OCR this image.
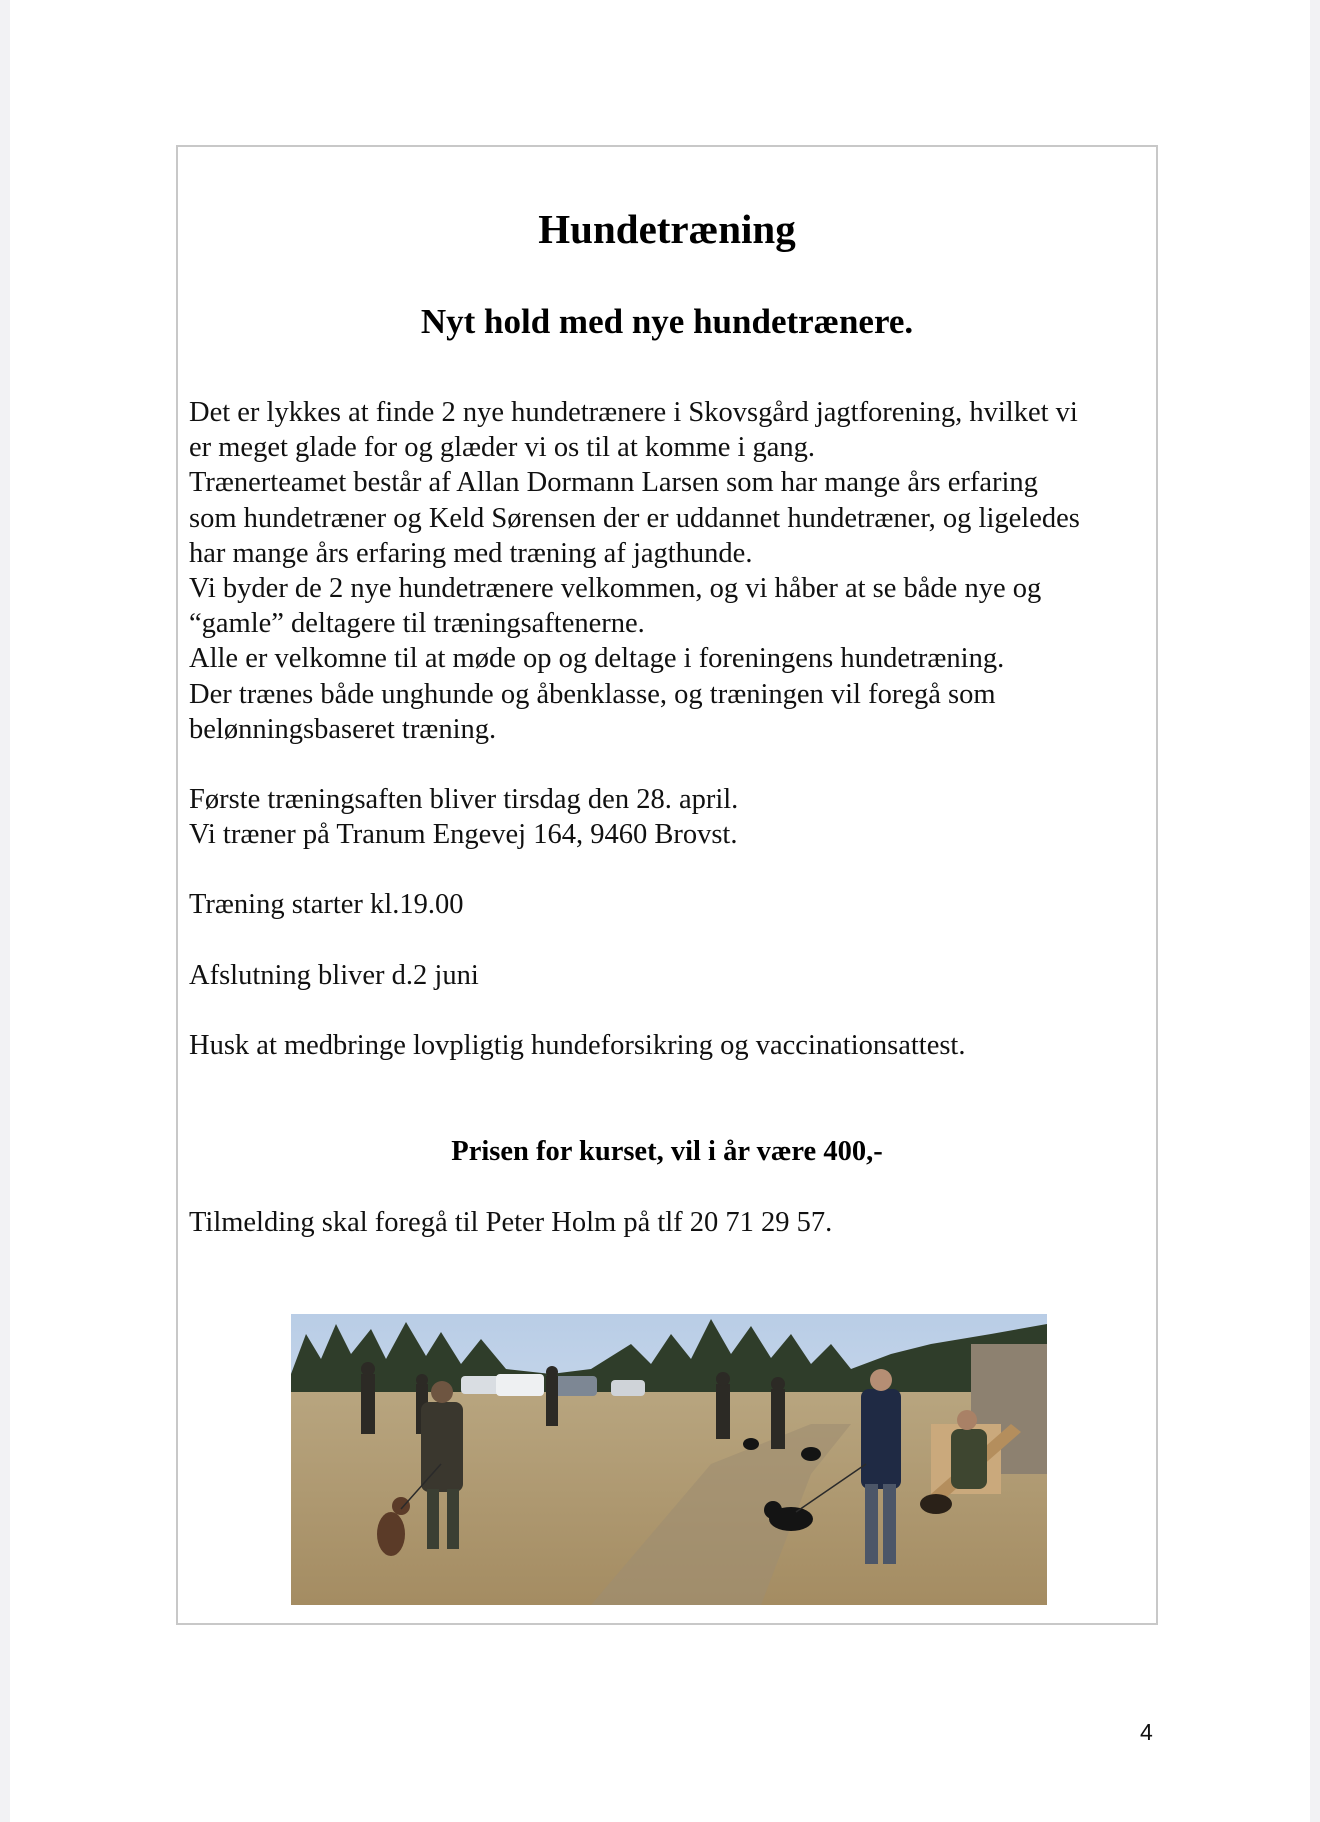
Hundetræning
Nyt hold med nye hundetrænere.

Det er lykkes at finde 2 nye hundetrænere i Skovsgård jagtforening, hvilket vi

er meget glade for og glæder vi os til at komme i gang.

Trænerteamet består af Allan Dormann Larsen som har mange års erfaring

som hundetræner og Keld Sørensen der er uddannet hundetræner, og ligeledes

har mange års erfaring med træning af jagthunde.

Vi byder de 2 nye hundetrænere velkommen, og vi håber at se både nye og

“gamle” deltagere til træningsaftenerne.

Alle er velkomne til at møde op og deltage i foreningens hundetræning.

Der trænes både unghunde og åbenklasse, og træningen vil foregå som

belønningsbaseret træning.

Første træningsaften bliver tirsdag den 28. april.

Vi træner på Tranum Engevej 164, 9460 Brovst.

Træning starter kl.19.00

Afslutning bliver d.2 juni

Husk at medbringe lovpligtig hundeforsikring og vaccinationsattest.

Prisen for kurset, vil i år være 400,-
Tilmelding skal foregå til Peter Holm på tlf 20 71 29 57.
4
